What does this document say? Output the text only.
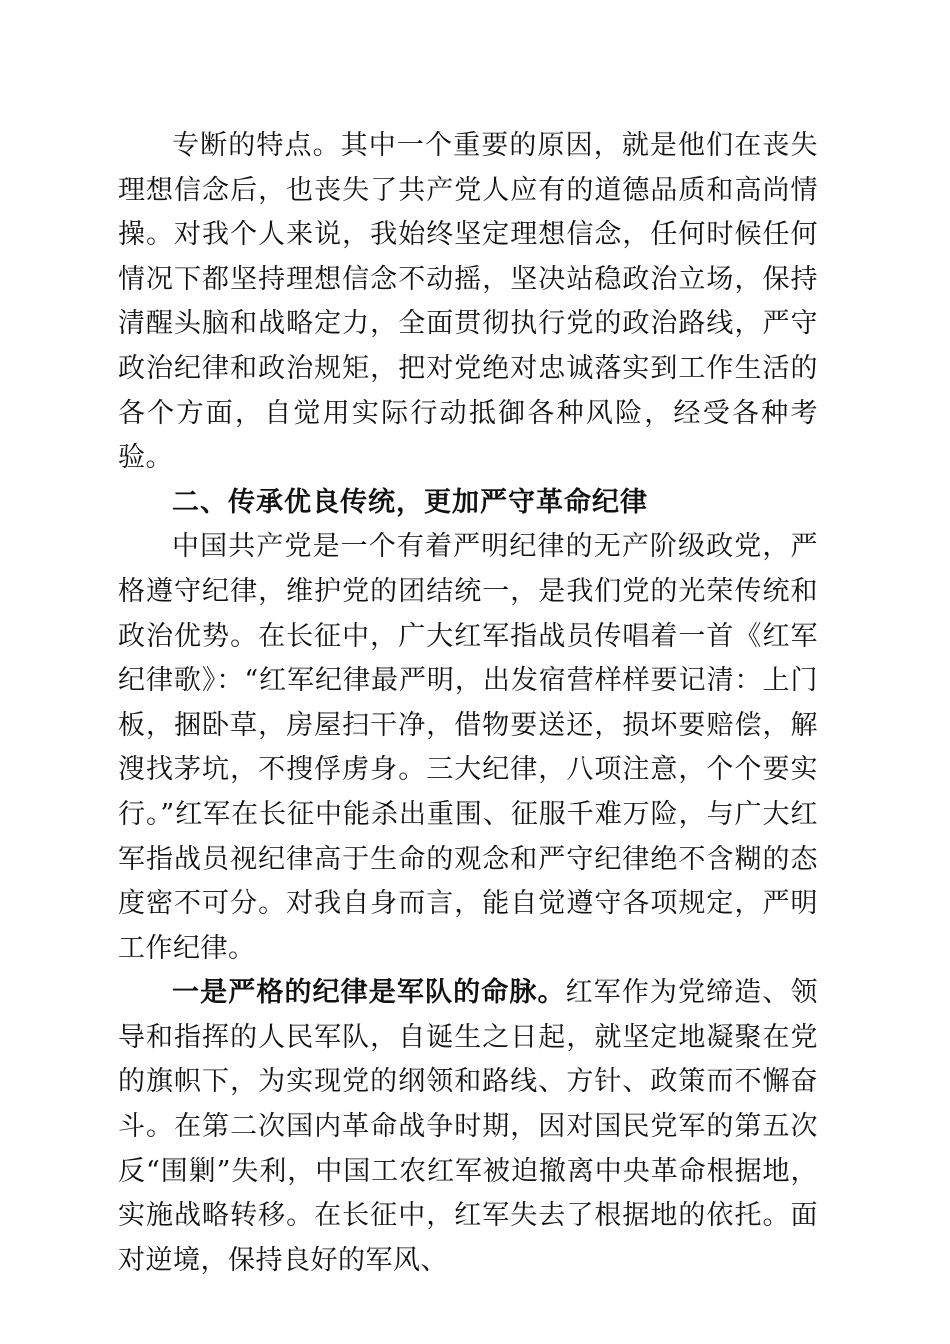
专断的特点。其中一个重要的原因，就是他们在丧失理想信念后，也丧失了共产党人应有的道德品质和高尚情操。对我个人来说，我始终坚定理想信念，任何时候任何情况下都坚持理想信念不动摇，坚决站稳政治立场，保持清醒头脑和战略定力，全面贯彻执行党的政治路线，严守政治纪律和政治规矩，把对党绝对忠诚落实到工作生活的各个方面，自觉用实际行动抵御各种风险，经受各种考验。

二、传承优良传统，更加严守革命纪律

中国共产党是一个有着严明纪律的无产阶级政党，严格遵守纪律，维护党的团结统一，是我们党的光荣传统和政治优势。在长征中，广大红军指战员传唱着一首《红军纪律歌》：“红军纪律最严明，出发宿营样样要记清：上门板，捆卧草，房屋扫干净，借物要送还，损坏要赔偿，解溲找茅坑，不搜俘虏身。三大纪律，八项注意，个个要实行。”红军在长征中能杀出重围、征服千难万险，与广大红军指战员视纪律高于生命的观念和严守纪律绝不含糊的态度密不可分。对我自身而言，能自觉遵守各项规定，严明工作纪律。

一是严格的纪律是军队的命脉。红军作为党缔造、领导和指挥的人民军队，自诞生之日起，就坚定地凝聚在党的旗帜下，为实现党的纲领和路线、方针、政策而不懈奋斗。在第二次国内革命战争时期，因对国民党军的第五次反“围剿”失利，中国工农红军被迫撤离中央革命根据地，实施战略转移。在长征中，红军失去了根据地的依托。面对逆境，保持良好的军风、
